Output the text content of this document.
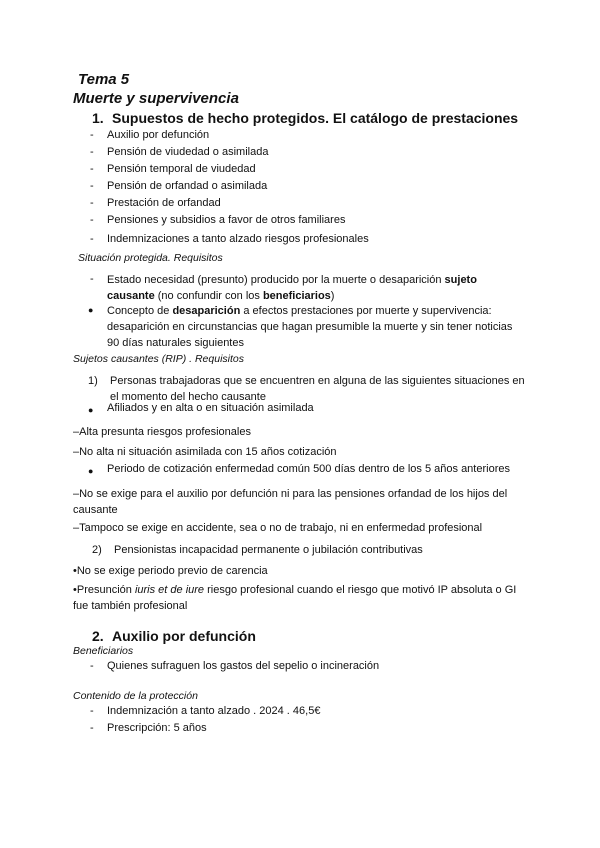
Tema 5
Muerte y supervivencia
1. Supuestos de hecho protegidos. El catálogo de prestaciones
- Auxilio por defunción
- Pensión de viudedad o asimilada
- Pensión temporal de viudedad
- Pensión de orfandad o asimilada
- Prestación de orfandad
- Pensiones y subsidios a favor de otros familiares
- Indemnizaciones a tanto alzado riesgos profesionales
Situación protegida. Requisitos
- Estado necesidad (presunto) producido por la muerte o desaparición sujeto causante (no confundir con los beneficiarios)
● Concepto de desaparición a efectos prestaciones por muerte y supervivencia: desaparición en circunstancias que hagan presumible la muerte y sin tener noticias 90 días naturales siguientes
Sujetos causantes (RIP) . Requisitos
1) Personas trabajadoras que se encuentren en alguna de las siguientes situaciones en el momento del hecho causante
● Afiliados y en alta o en situación asimilada
–Alta presunta riesgos profesionales
–No alta ni situación asimilada con 15 años cotización
● Periodo de cotización enfermedad común 500 días dentro de los 5 años anteriores
–No se exige para el auxilio por defunción ni para las pensiones orfandad de los hijos del causante
–Tampoco se exige en accidente, sea o no de trabajo, ni en enfermedad profesional
2) Pensionistas incapacidad permanente o jubilación contributivas
•No se exige periodo previo de carencia
•Presunción iuris et de iure riesgo profesional cuando el riesgo que motivó IP absoluta o GI fue también profesional
2. Auxilio por defunción
Beneficiarios
- Quienes sufraguen los gastos del sepelio o incineración
Contenido de la protección
- Indemnización a tanto alzado . 2024 . 46,5€
- Prescripción: 5 años
